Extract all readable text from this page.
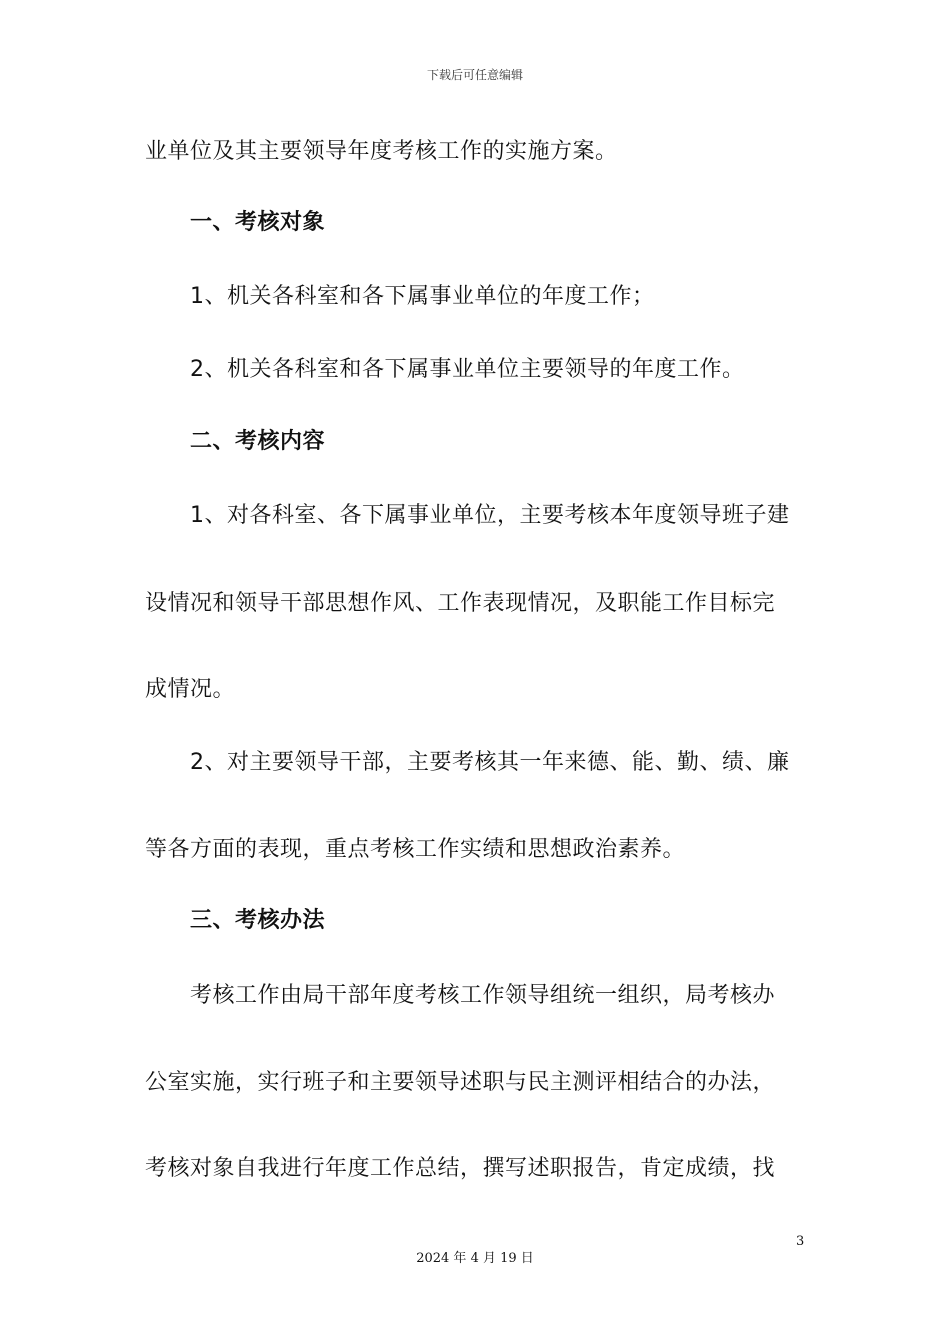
下载后可任意编辑
业单位及其主要领导年度考核工作的实施方案。
一、考核对象
1、机关各科室和各下属事业单位的年度工作；
2、机关各科室和各下属事业单位主要领导的年度工作。
二、考核内容
1、对各科室、各下属事业单位，主要考核本年度领导班子建
设情况和领导干部思想作风、工作表现情况，及职能工作目标完
成情况。
2、对主要领导干部，主要考核其一年来德、能、勤、绩、廉
等各方面的表现，重点考核工作实绩和思想政治素养。
三、考核办法
考核工作由局干部年度考核工作领导组统一组织，局考核办
公室实施，实行班子和主要领导述职与民主测评相结合的办法，
考核对象自我进行年度工作总结，撰写述职报告，肯定成绩，找
3
2024 年 4 月 19 日
